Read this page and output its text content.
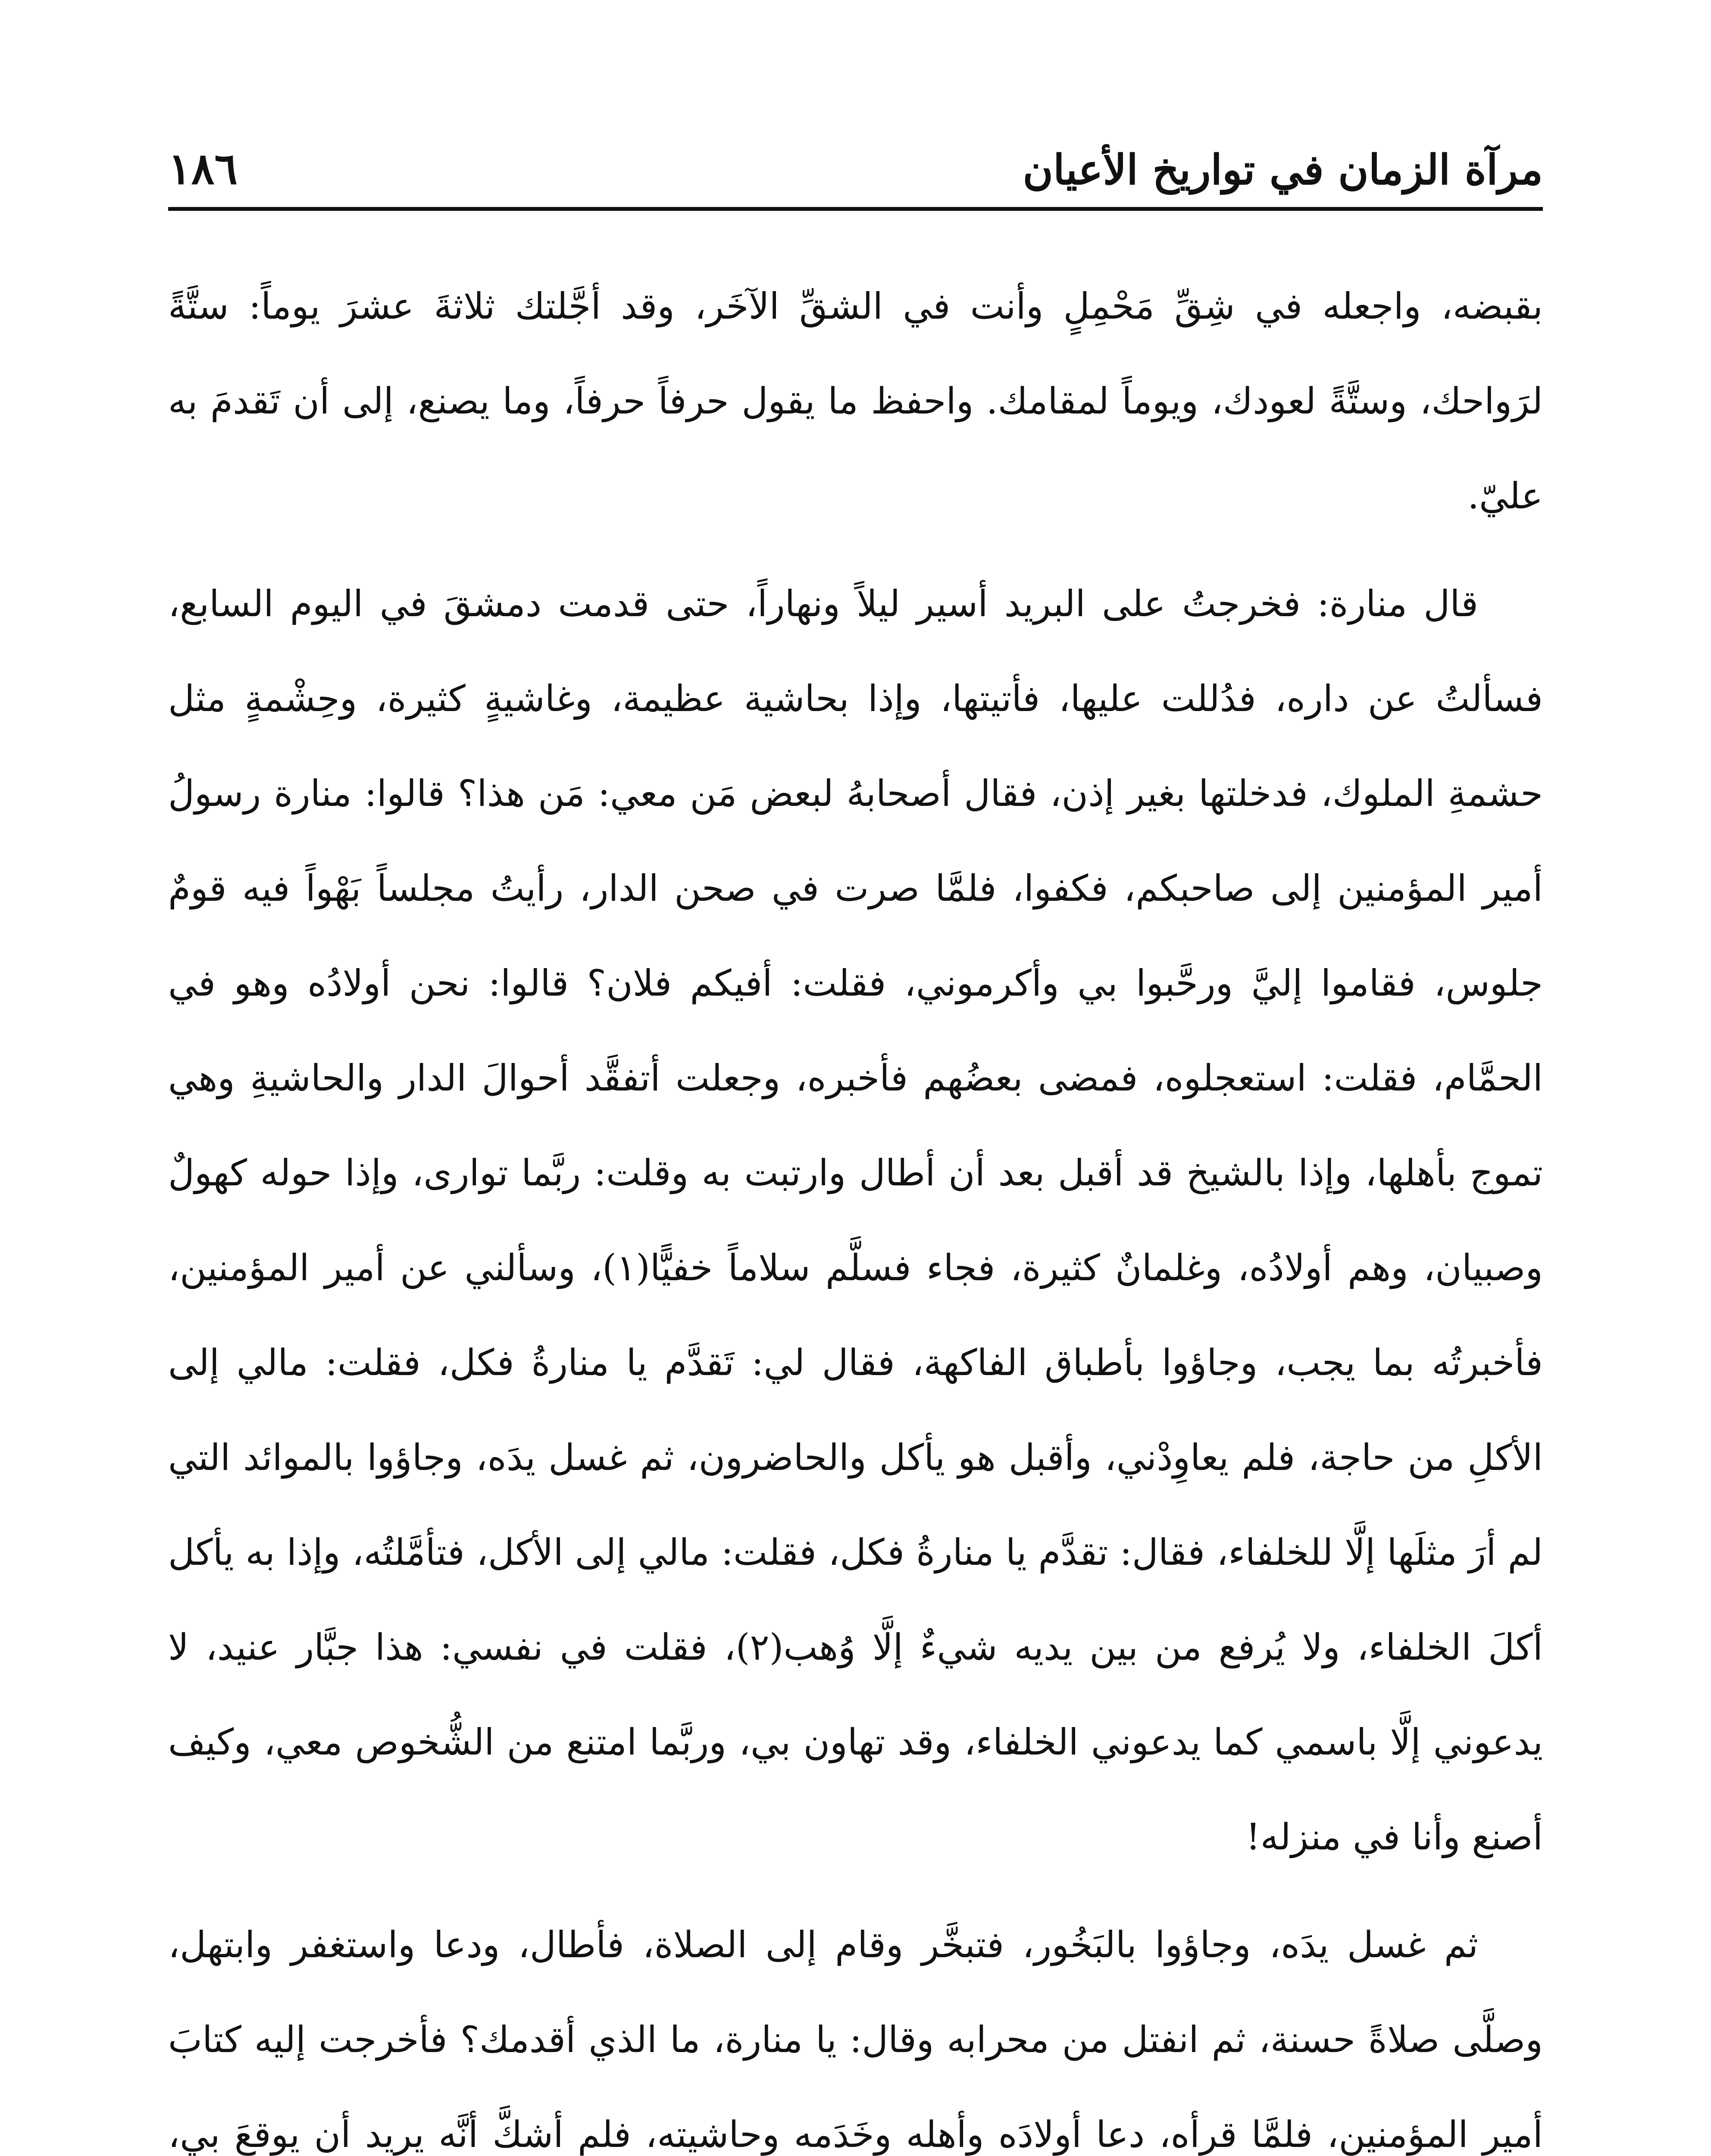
مرآة الزمان في تواريخ الأعيان
١٨٦

بقبضه، واجعله في شِقِّ مَحْمِلٍ وأنت في الشقِّ الآخَر، وقد أجَّلتك ثلاثةَ عشرَ يوماً: ستَّةً لرَواحك، وستَّةً لعودك، ويوماً لمقامك. واحفظ ما يقول حرفاً حرفاً، وما يصنع، إلى أن تَقدمَ به عليّ.

قال منارة: فخرجتُ على البريد أسير ليلاً ونهاراً، حتى قدمت دمشقَ في اليوم السابع، فسألتُ عن داره، فدُللت عليها، فأتيتها، وإذا بحاشية عظيمة، وغاشيةٍ كثيرة، وحِشْمةٍ مثل حشمةِ الملوك، فدخلتها بغير إذن، فقال أصحابهُ لبعض مَن معي: مَن هذا؟ قالوا: منارة رسولُ أمير المؤمنين إلى صاحبكم، فكفوا، فلمَّا صرت في صحن الدار، رأيتُ مجلساً بَهْواً فيه قومٌ جلوس، فقاموا إليَّ ورحَّبوا بي وأكرموني، فقلت: أفيكم فلان؟ قالوا: نحن أولادُه وهو في الحمَّام، فقلت: استعجلوه، فمضى بعضُهم فأخبره، وجعلت أتفقَّد أحوالَ الدار والحاشيةِ وهي تموج بأهلها، وإذا بالشيخ قد أقبل بعد أن أطال وارتبت به وقلت: ربَّما توارى، وإذا حوله كهولٌ وصبيان، وهم أولادُه، وغلمانٌ كثيرة، فجاء فسلَّم سلاماً خفيًّا(١)، وسألني عن أمير المؤمنين، فأخبرتُه بما يجب، وجاؤوا بأطباق الفاكهة، فقال لي: تَقدَّم يا منارةُ فكل، فقلت: مالي إلى الأكلِ من حاجة، فلم يعاوِدْني، وأقبل هو يأكل والحاضرون، ثم غسل يدَه، وجاؤوا بالموائد التي لم أرَ مثلَها إلَّا للخلفاء، فقال: تقدَّم يا منارةُ فكل، فقلت: مالي إلى الأكل، فتأمَّلتُه، وإذا به يأكل أكلَ الخلفاء، ولا يُرفع من بين يديه شيءٌ إلَّا وُهب(٢)، فقلت في نفسي: هذا جبَّار عنيد، لا يدعوني إلَّا باسمي كما يدعوني الخلفاء، وقد تهاون بي، وربَّما امتنع من الشُّخوص معي، وكيف أصنع وأنا في منزله!

ثم غسل يدَه، وجاؤوا بالبَخُور، فتبخَّر وقام إلى الصلاة، فأطال، ودعا واستغفر وابتهل، وصلَّى صلاةً حسنة، ثم انفتل من محرابه وقال: يا منارة، ما الذي أقدمك؟ فأخرجت إليه كتابَ أمير المؤمنين، فلمَّا قرأه، دعا أولادَه وأهله وخَدَمه وحاشيته، فلم أشكَّ أنَّه يريد أن يوقعَ بي،
